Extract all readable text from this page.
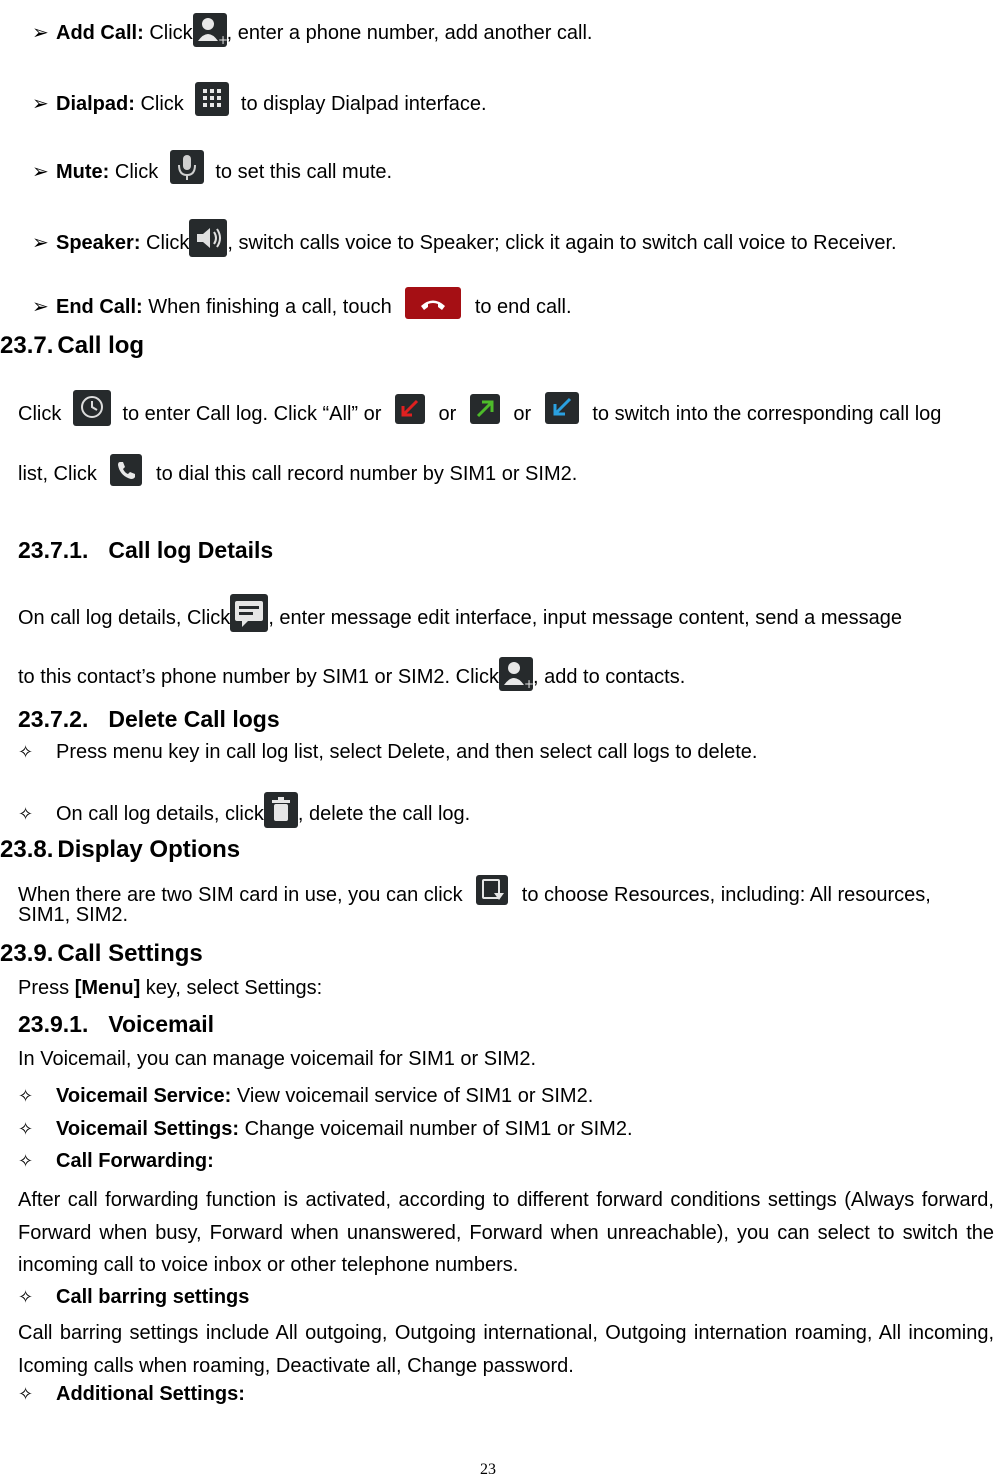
➢ Add Call: Click +
, enter a phone number, add another call.
➢ Dialpad: Click  to display Dialpad interface.
➢ Mute: Click  to set this call mute.
➢ Speaker: Click , switch calls voice to Speaker; click it again to switch call voice to Receiver.
➢ End Call: When finishing a call, touch	to end call.
23.7. Call log
Click	to enter Call log. Click “All” or  or  or	to switch into the corresponding call log
list, Click  to dial this call record number by SIM1 or SIM2.
23.7.1. Call log Details
On call log details, Click , enter message edit interface, input message content, send a message
to this contact’s phone number by SIM1 or SIM2. Click +
, add to contacts.
23.7.2. Delete Call logs
✧ Press menu key in call log list, select Delete, and then select call logs to delete.
✧ On call log details, click , delete the call log.
23.8. Display Options
When there are two SIM card in use, you can click  to choose Resources, including: All resources,
SIM1, SIM2.
23.9. Call Settings
Press [Menu] key, select Settings:
23.9.1. Voicemail
In Voicemail, you can manage voicemail for SIM1 or SIM2.
✧ Voicemail Service: View voicemail service of SIM1 or SIM2.
✧ Voicemail Settings: Change voicemail number of SIM1 or SIM2.
✧ Call Forwarding:
After call forwarding function is activated, according to different forward conditions settings (Always forward, Forward when busy, Forward when unanswered, Forward when unreachable), you can select to switch the incoming call to voice inbox or other telephone numbers.
✧ Call barring settings
Call barring settings include All outgoing, Outgoing international, Outgoing internation roaming, All incoming, Icoming calls when roaming, Deactivate all, Change password.
✧ Additional Settings:
23
